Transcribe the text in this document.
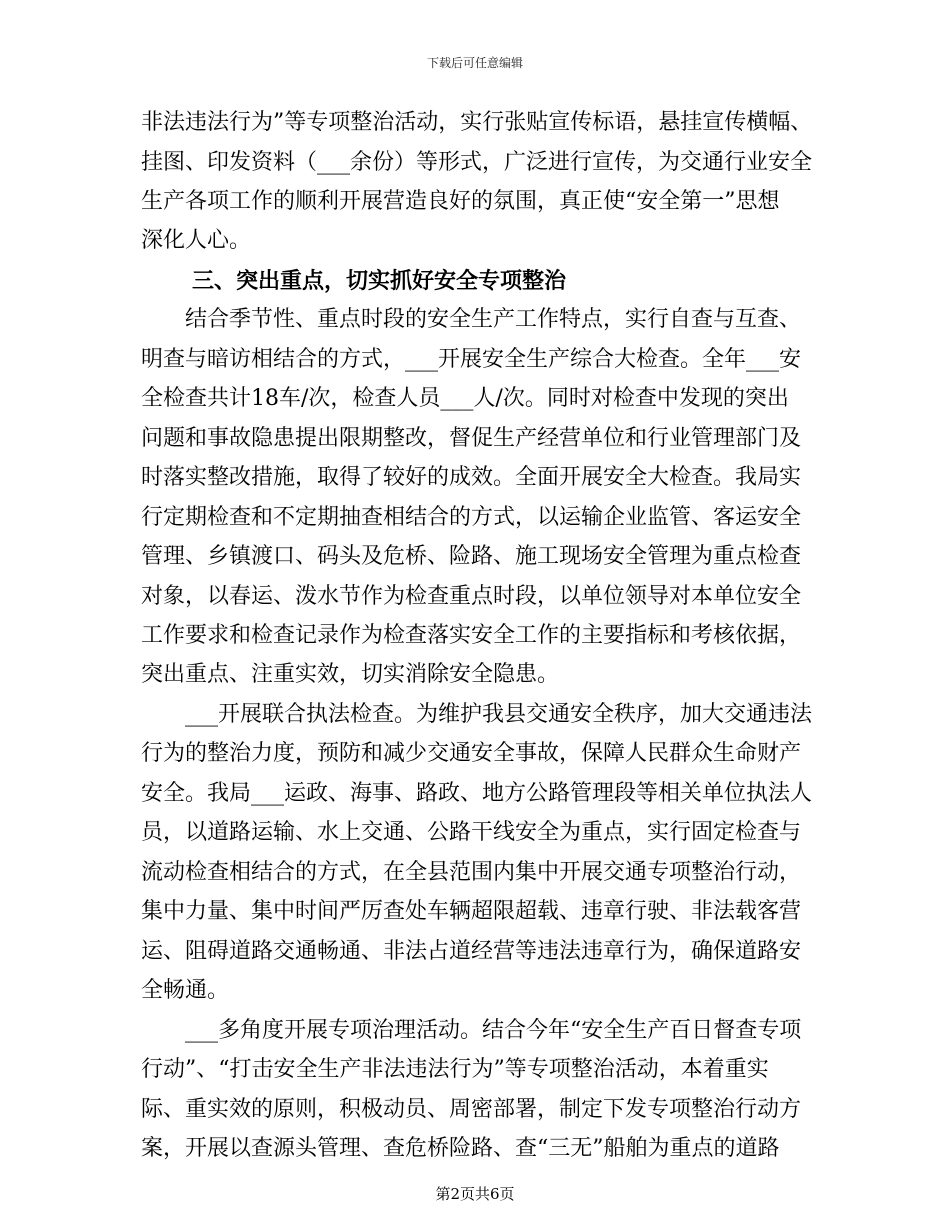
下载后可任意编辑
非法违法行为”等专项整治活动，实行张贴宣传标语，悬挂宣传横幅、
挂图、印发资料（___余份）等形式，广泛进行宣传，为交通行业安全
生产各项工作的顺利开展营造良好的氛围，真正使“安全第一”思想
深化人心。
三、突出重点，切实抓好安全专项整治
结合季节性、重点时段的安全生产工作特点，实行自查与互查、
明查与暗访相结合的方式，___开展安全生产综合大检查。全年___安
全检查共计18车/次，检查人员___人/次。同时对检查中发现的突出
问题和事故隐患提出限期整改，督促生产经营单位和行业管理部门及
时落实整改措施，取得了较好的成效。全面开展安全大检查。我局实
行定期检查和不定期抽查相结合的方式，以运输企业监管、客运安全
管理、乡镇渡口、码头及危桥、险路、施工现场安全管理为重点检查
对象，以春运、泼水节作为检查重点时段，以单位领导对本单位安全
工作要求和检查记录作为检查落实安全工作的主要指标和考核依据，
突出重点、注重实效，切实消除安全隐患。
___开展联合执法检查。为维护我县交通安全秩序，加大交通违法
行为的整治力度，预防和减少交通安全事故，保障人民群众生命财产
安全。我局___运政、海事、路政、地方公路管理段等相关单位执法人
员，以道路运输、水上交通、公路干线安全为重点，实行固定检查与
流动检查相结合的方式，在全县范围内集中开展交通专项整治行动，
集中力量、集中时间严厉查处车辆超限超载、违章行驶、非法载客营
运、阻碍道路交通畅通、非法占道经营等违法违章行为，确保道路安
全畅通。
___多角度开展专项治理活动。结合今年“安全生产百日督查专项
行动”、“打击安全生产非法违法行为”等专项整治活动，本着重实
际、重实效的原则，积极动员、周密部署，制定下发专项整治行动方
案，开展以查源头管理、查危桥险路、查“三无”船舶为重点的道路
第2页共6页
